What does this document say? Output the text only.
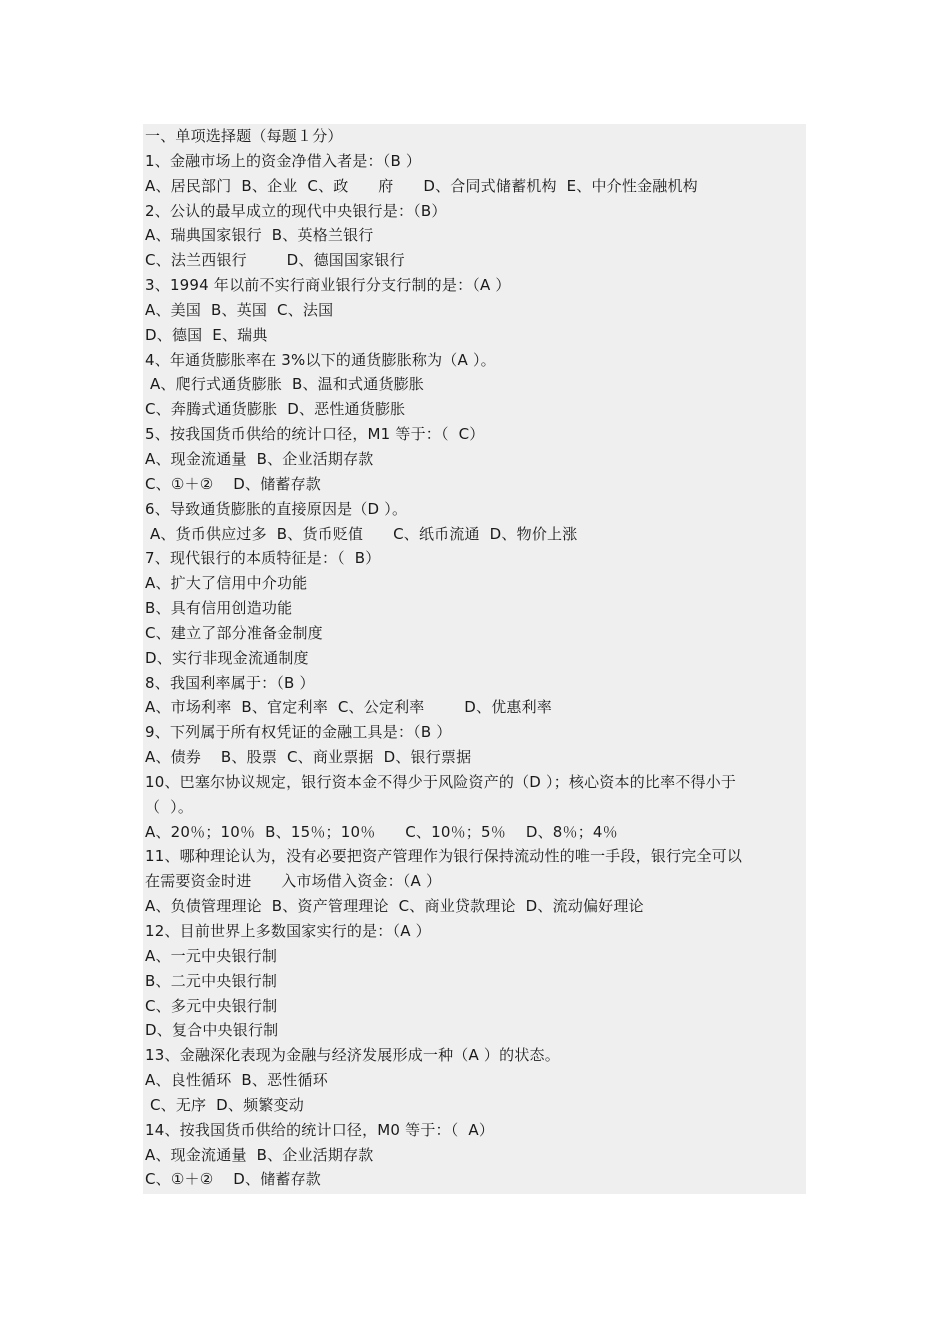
一、单项选择题（每题１分）
1、金融市场上的资金净借入者是：（B ）
A、居民部门  B、企业  C、政      府      D、合同式储蓄机构  E、中介性金融机构
2、公认的最早成立的现代中央银行是：（B）
A、瑞典国家银行  B、英格兰银行
C、法兰西银行        D、德国国家银行
3、1994 年以前不实行商业银行分支行制的是：（A ）
A、美国  B、英国  C、法国
D、德国  E、瑞典
4、年通货膨胀率在 3%以下的通货膨胀称为（A ）。
A、爬行式通货膨胀  B、温和式通货膨胀
C、奔腾式通货膨胀  D、恶性通货膨胀
5、按我国货币供给的统计口径，M1 等于：（  C）
A、现金流通量  B、企业活期存款
C、①＋②    D、储蓄存款
6、导致通货膨胀的直接原因是（D ）。
A、货币供应过多  B、货币贬值      C、纸币流通  D、物价上涨
7、现代银行的本质特征是：（  B）
A、扩大了信用中介功能
B、具有信用创造功能
C、建立了部分准备金制度
D、实行非现金流通制度
8、我国利率属于：（B ）
A、市场利率  B、官定利率  C、公定利率        D、优惠利率
9、下列属于所有权凭证的金融工具是：（B ）
A、债券    B、股票  C、商业票据  D、银行票据
10、巴塞尔协议规定，银行资本金不得少于风险资产的（D ）；核心资本的比率不得小于
（  ）。
A、20％；10％  B、15％；10％      C、10％；5％    D、8％；4％
11、哪种理论认为，没有必要把资产管理作为银行保持流动性的唯一手段，银行完全可以
在需要资金时进      入市场借入资金：（A ）
A、负债管理理论  B、资产管理理论  C、商业贷款理论  D、流动偏好理论
12、目前世界上多数国家实行的是：（A ）
A、一元中央银行制
B、二元中央银行制
C、多元中央银行制
D、复合中央银行制
13、金融深化表现为金融与经济发展形成一种（A ）的状态。
A、良性循环  B、恶性循环
C、无序  D、频繁变动
14、按我国货币供给的统计口径，M0 等于：（  A）
A、现金流通量  B、企业活期存款
C、①＋②    D、储蓄存款
